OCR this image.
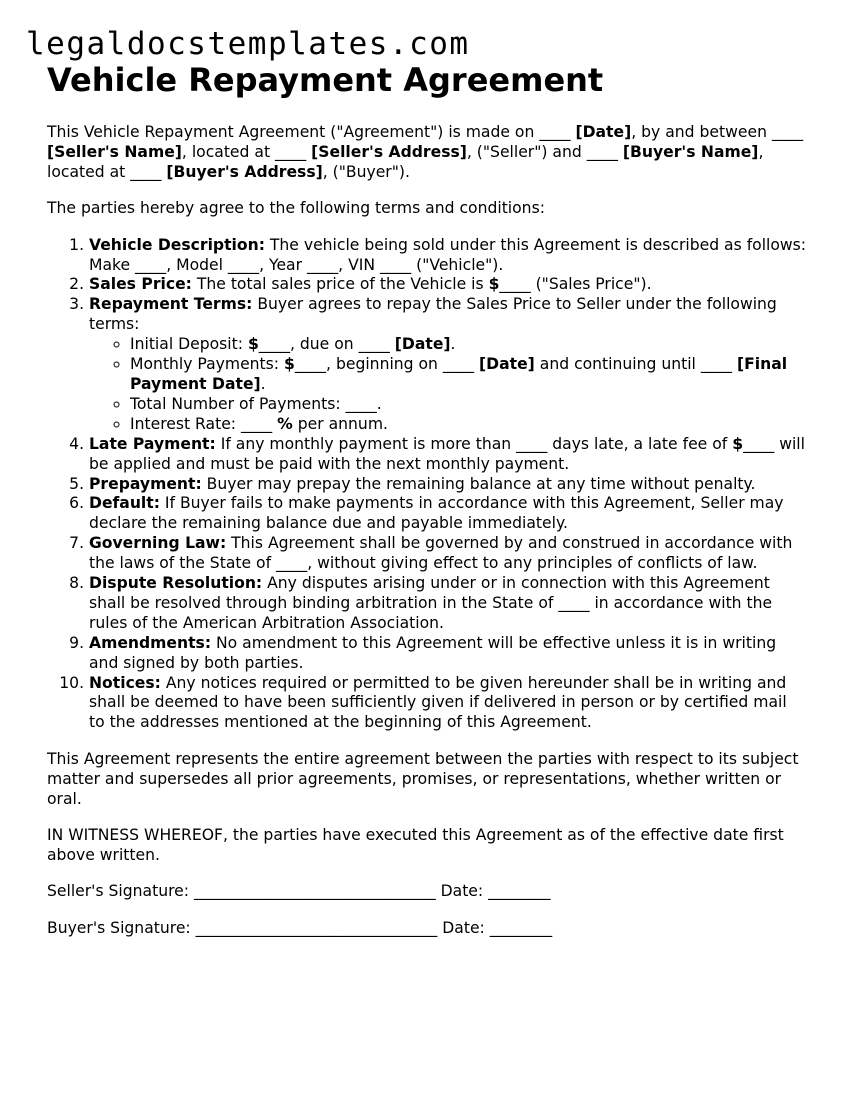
legaldocstemplates.com
Vehicle Repayment Agreement

This Vehicle Repayment Agreement ("Agreement") is made on ____ [Date], by and between ____ [Seller's Name], located at ____ [Seller's Address], ("Seller") and ____ [Buyer's Name], located at ____ [Buyer's Address], ("Buyer").

The parties hereby agree to the following terms and conditions:

1. Vehicle Description: The vehicle being sold under this Agreement is described as follows: Make ____, Model ____, Year ____, VIN ____ ("Vehicle").
2. Sales Price: The total sales price of the Vehicle is $____ ("Sales Price").
3. Repayment Terms: Buyer agrees to repay the Sales Price to Seller under the following terms:
◦ Initial Deposit: $____, due on ____ [Date].
◦ Monthly Payments: $____, beginning on ____ [Date] and continuing until ____ [Final Payment Date].
◦ Total Number of Payments: ____.
◦ Interest Rate: ____ % per annum.
4. Late Payment: If any monthly payment is more than ____ days late, a late fee of $____ will be applied and must be paid with the next monthly payment.
5. Prepayment: Buyer may prepay the remaining balance at any time without penalty.
6. Default: If Buyer fails to make payments in accordance with this Agreement, Seller may declare the remaining balance due and payable immediately.
7. Governing Law: This Agreement shall be governed by and construed in accordance with the laws of the State of ____, without giving effect to any principles of conflicts of law.
8. Dispute Resolution: Any disputes arising under or in connection with this Agreement shall be resolved through binding arbitration in the State of ____ in accordance with the rules of the American Arbitration Association.
9. Amendments: No amendment to this Agreement will be effective unless it is in writing and signed by both parties.
10. Notices: Any notices required or permitted to be given hereunder shall be in writing and shall be deemed to have been sufficiently given if delivered in person or by certified mail to the addresses mentioned at the beginning of this Agreement.

This Agreement represents the entire agreement between the parties with respect to its subject matter and supersedes all prior agreements, promises, or representations, whether written or oral.

IN WITNESS WHEREOF, the parties have executed this Agreement as of the effective date first above written.

Seller's Signature: _______________________________ Date: ________
Buyer's Signature: _______________________________ Date: ________
